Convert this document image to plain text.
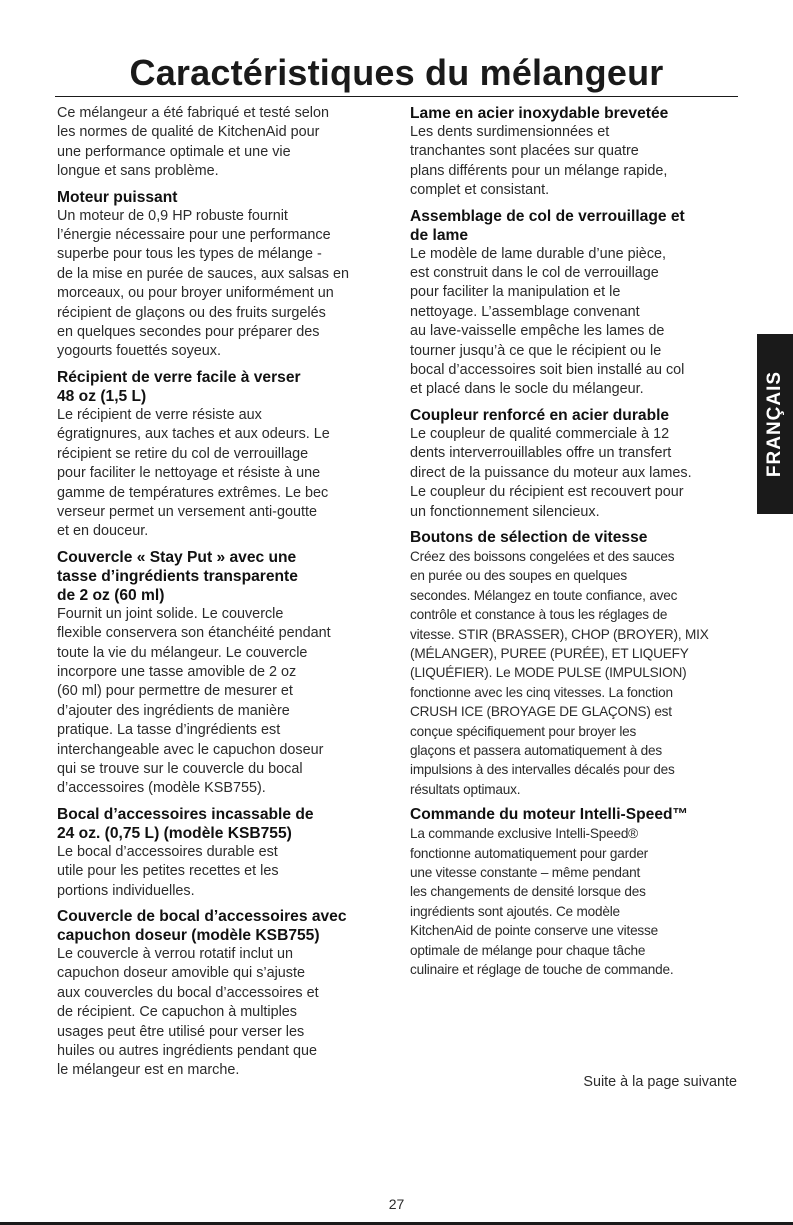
Caractéristiques du mélangeur

Ce mélangeur a été fabriqué et testé selon
les normes de qualité de KitchenAid pour
une performance optimale et une vie
longue et sans problème.

Moteur puissant

Un moteur de 0,9 HP robuste fournit
l’énergie nécessaire pour une performance
superbe pour tous les types de mélange -
de la mise en purée de sauces, aux salsas en
morceaux, ou pour broyer uniformément un
récipient de glaçons ou des fruits surgelés
en quelques secondes pour préparer des
yogourts fouettés soyeux.

Récipient de verre facile à verser
48 oz (1,5 L)

Le récipient de verre résiste aux
égratignures, aux taches et aux odeurs. Le
récipient se retire du col de verrouillage
pour faciliter le nettoyage et résiste à une
gamme de températures extrêmes. Le bec
verseur permet un versement anti-goutte
et en douceur.

Couvercle « Stay Put » avec une
tasse d’ingrédients transparente
de 2 oz (60 ml)

Fournit un joint solide. Le couvercle
flexible conservera son étanchéité pendant
toute la vie du mélangeur. Le couvercle
incorpore une tasse amovible de 2 oz
(60 ml) pour permettre de mesurer et
d’ajouter des ingrédients de manière
pratique. La tasse d’ingrédients est
interchangeable avec le capuchon doseur
qui se trouve sur le couvercle du bocal
d’accessoires (modèle KSB755).

Bocal d’accessoires incassable de
24 oz. (0,75 L) (modèle KSB755)

Le bocal d’accessoires durable est
utile pour les petites recettes et les
portions individuelles.

Couvercle de bocal d’accessoires avec
capuchon doseur (modèle KSB755)

Le couvercle à verrou rotatif inclut un
capuchon doseur amovible qui s’ajuste
aux couvercles du bocal d’accessoires et
de récipient. Ce capuchon à multiples
usages peut être utilisé pour verser les
huiles ou autres ingrédients pendant que
le mélangeur est en marche.

Lame en acier inoxydable brevetée

Les dents surdimensionnées et
tranchantes sont placées sur quatre
plans différents pour un mélange rapide,
complet et consistant.

Assemblage de col de verrouillage et
de lame

Le modèle de lame durable d’une pièce,
est construit dans le col de verrouillage
pour faciliter la manipulation et le
nettoyage. L’assemblage convenant
au lave-vaisselle empêche les lames de
tourner jusqu’à ce que le récipient ou le
bocal d’accessoires soit bien installé au col
et placé dans le socle du mélangeur.

Coupleur renforcé en acier durable

Le coupleur de qualité commerciale à 12
dents interverrouillables offre un transfert
direct de la puissance du moteur aux lames.
Le coupleur du récipient est recouvert pour
un fonctionnement silencieux.

Boutons de sélection de vitesse

Créez des boissons congelées et des sauces
en purée ou des soupes en quelques
secondes. Mélangez en toute confiance, avec
contrôle et constance à tous les réglages de
vitesse. STIR (BRASSER), CHOP (BROYER), MIX
(MÉLANGER), PUREE (PURÉE), ET LIQUEFY
(LIQUÉFIER). Le MODE PULSE (IMPULSION)
fonctionne avec les cinq vitesses. La fonction
CRUSH ICE (BROYAGE DE GLAÇONS) est
conçue spécifiquement pour broyer les
glaçons et passera automatiquement à des
impulsions à des intervalles décalés pour des
résultats optimaux.

Commande du moteur Intelli-Speed™

La commande exclusive Intelli-Speed®
fonctionne automatiquement pour garder
une vitesse constante – même pendant
les changements de densité lorsque des
ingrédients sont ajoutés. Ce modèle
KitchenAid de pointe conserve une vitesse
optimale de mélange pour chaque tâche
culinaire et réglage de touche de commande.

Suite à la page suivante

FRANÇAIS

27
